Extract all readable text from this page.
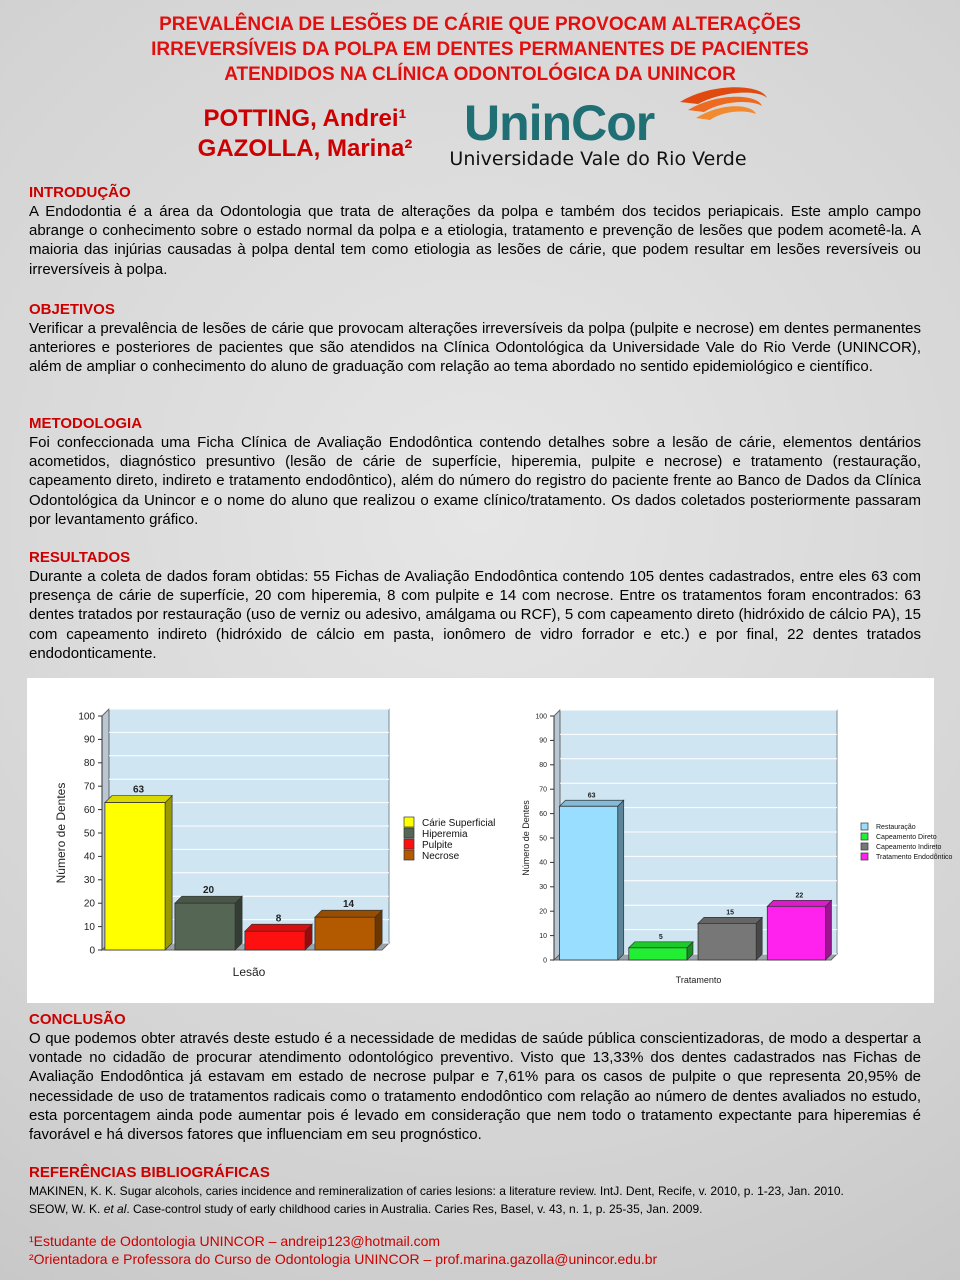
PREVALÊNCIA DE LESÕES DE CÁRIE QUE PROVOCAM ALTERAÇÕES
IRREVERSÍVEIS DA POLPA EM DENTES PERMANENTES DE PACIENTES
ATENDIDOS NA CLÍNICA ODONTOLÓGICA DA UNINCOR
POTTING, Andrei¹
GAZOLLA, Marina² UninCor
Universidade Vale do Rio Verde
INTRODUÇÃO
A Endodontia é a área da Odontologia que trata de alterações da polpa e também dos tecidos periapicais. Este amplo campo abrange o conhecimento sobre o estado normal da polpa e a etiologia, tratamento e prevenção de lesões que podem acometê-la. A maioria das injúrias causadas à polpa dental tem como etiologia as lesões de cárie, que podem resultar em lesões reversíveis ou irreversíveis à polpa.
OBJETIVOS
Verificar a prevalência de lesões de cárie que provocam alterações irreversíveis da polpa (pulpite e necrose) em dentes permanentes anteriores e posteriores de pacientes que são atendidos na Clínica Odontológica da Universidade Vale do Rio Verde (UNINCOR), além de ampliar o conhecimento do aluno de graduação com relação ao tema abordado no sentido epidemiológico e científico.
METODOLOGIA
Foi confeccionada uma Ficha Clínica de Avaliação Endodôntica contendo detalhes sobre a lesão de cárie, elementos dentários acometidos, diagnóstico presuntivo (lesão de cárie de superfície, hiperemia, pulpite e necrose) e tratamento (restauração, capeamento direto, indireto e tratamento endodôntico), além do número do registro do paciente frente ao Banco de Dados da Clínica Odontológica da Unincor e o nome do aluno que realizou o exame clínico/tratamento. Os dados coletados posteriormente passaram por levantamento gráfico.
RESULTADOS
Durante a coleta de dados foram obtidas: 55 Fichas de Avaliação Endodôntica contendo 105 dentes cadastrados, entre eles 63 com presença de cárie de superfície, 20 com hiperemia, 8 com pulpite e 14 com necrose. Entre os tratamentos foram encontrados: 63 dentes tratados por restauração (uso de verniz ou adesivo, amálgama ou RCF), 5 com capeamento direto (hidróxido de cálcio PA), 15 com capeamento indireto (hidróxido de cálcio em pasta, ionômero de vidro forrador e etc.) e por final, 22 dentes tratados endodonticamente.
0
10
20
30
40
50
60
70
80
90
100
63
20
8
14
Lesão
Número de Dentes	Cárie Superficial
Hiperemia
Pulpite
Necrose
0
10
20
30
40
50
60
70
80
90
100
63
5
15
22
Tratamento
Número de Dentes	Restauração
Capeamento Direto
Capeamento Indireto
Tratamento Endodôntico
CONCLUSÃO
O que podemos obter através deste estudo é a necessidade de medidas de saúde pública conscientizadoras, de modo a despertar a vontade no cidadão de procurar atendimento odontológico preventivo. Visto que 13,33% dos dentes cadastrados nas Fichas de Avaliação Endodôntica já estavam em estado de necrose pulpar e 7,61% para os casos de pulpite o que representa 20,95% de necessidade de uso de tratamentos radicais como o tratamento endodôntico com relação ao número de dentes avaliados no estudo, esta porcentagem ainda pode aumentar pois é levado em consideração que nem todo o tratamento expectante para hiperemias é favorável e há diversos fatores que influenciam em seu prognóstico.
REFERÊNCIAS BIBLIOGRÁFICAS
MAKINEN, K. K. Sugar alcohols, caries incidence and remineralization of caries lesions: a literature review. IntJ. Dent, Recife, v. 2010, p. 1-23, Jan. 2010.
SEOW, W. K. et al. Case-control study of early childhood caries in Australia. Caries Res, Basel, v. 43, n. 1, p. 25-35, Jan. 2009.
¹Estudante de Odontologia UNINCOR – andreip123@hotmail.com
²Orientadora e Professora do Curso de Odontologia UNINCOR – prof.marina.gazolla@unincor.edu.br
